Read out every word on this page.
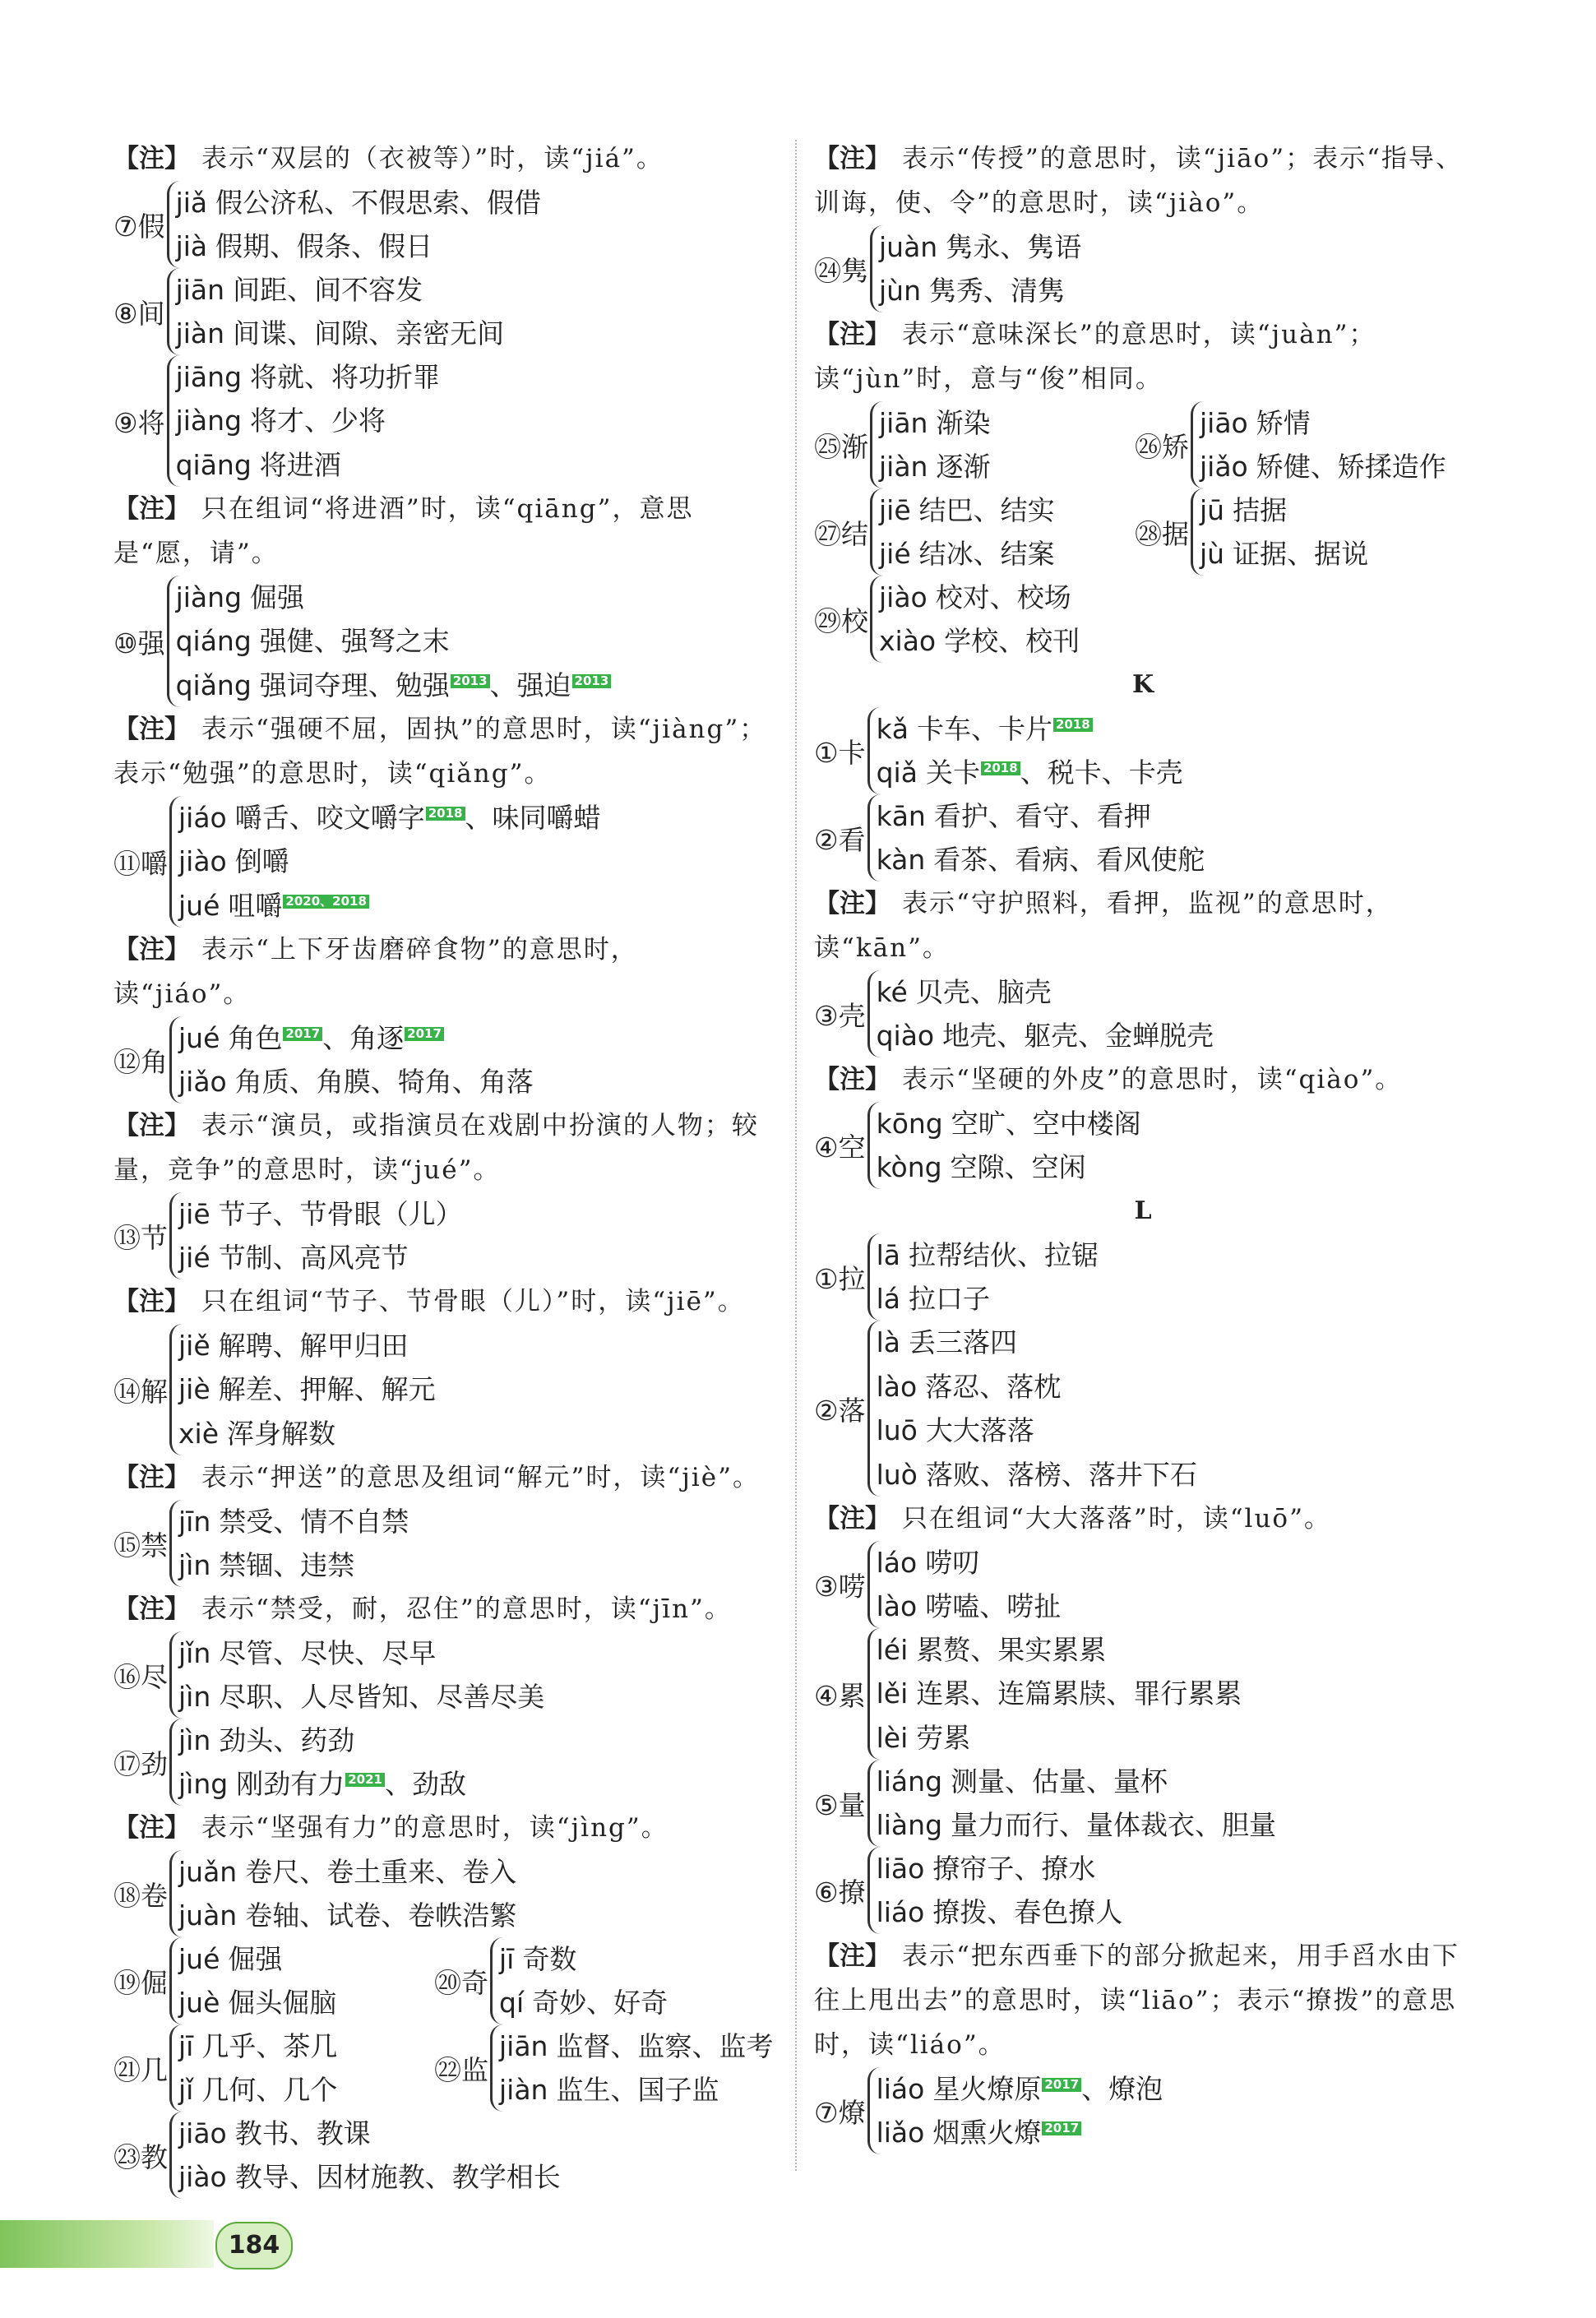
【注】 表示“双层的（衣被等）”时，读“jiá”。

⑦假
jiǎ 假公济私、不假思索、假借
jià 假期、假条、假日
⑧间
jiān 间距、间不容发
jiàn 间谍、间隙、亲密无间
⑨将
jiāng 将就、将功折罪
jiàng 将才、少将
qiāng 将进酒

【注】 只在组词“将进酒”时，读“qiāng”，意思是“愿，请”。

⑩强
jiàng 倔强
qiáng 强健、强弩之末
qiǎng 强词夺理、勉强 2013、强迫 2013

【注】 表示“强硬不屈，固执”的意思时，读“jiàng”；表示“勉强”的意思时，读“qiǎng”。

⑪嚼
jiáo 嚼舌、咬文嚼字 2018、味同嚼蜡
jiào 倒嚼
jué 咀嚼 2020、2018

【注】 表示“上下牙齿磨碎食物”的意思时，读“jiáo”。

⑫角
jué 角色 2017、角逐 2017
jiǎo 角质、角膜、犄角、角落

【注】 表示“演员，或指演员在戏剧中扮演的人物；较量，竞争”的意思时，读“jué”。

⑬节
jiē 节子、节骨眼（儿）
jié 节制、高风亮节

【注】 只在组词“节子、节骨眼（儿）”时，读“jiē”。

⑭解
jiě 解聘、解甲归田
jiè 解差、押解、解元
xiè 浑身解数

【注】 表示“押送”的意思及组词“解元”时，读“jiè”。

⑮禁
jīn 禁受、情不自禁
jìn 禁锢、违禁

【注】 表示“禁受，耐，忍住”的意思时，读“jīn”。

⑯尽
jǐn 尽管、尽快、尽早
jìn 尽职、人尽皆知、尽善尽美
⑰劲
jìn 劲头、药劲
jìng 刚劲有力 2021、劲敌

【注】 表示“坚强有力”的意思时，读“jìng”。

⑱卷
juǎn 卷尺、卷土重来、卷入
juàn 卷轴、试卷、卷帙浩繁
⑲倔
jué 倔强
juè 倔头倔脑
⑳奇
jī 奇数
qí 奇妙、好奇
㉑几
jī 几乎、茶几
jǐ 几何、几个
㉒监
jiān 监督、监察、监考
jiàn 监生、国子监
㉓教
jiāo 教书、教课
jiào 教导、因材施教、教学相长

【注】 表示“传授”的意思时，读“jiāo”；表示“指导、训诲，使、令”的意思时，读“jiào”。

㉔隽
juàn 隽永、隽语
jùn 隽秀、清隽

【注】 表示“意味深长”的意思时，读“juàn”；读“jùn”时，意与“俊”相同。

㉕渐
jiān 渐染
jiàn 逐渐
㉖矫
jiāo 矫情
jiǎo 矫健、矫揉造作
㉗结
jiē 结巴、结实
jié 结冰、结案
㉘据
jū 拮据
jù 证据、据说
㉙校
jiào 校对、校场
xiào 学校、校刊
K
①卡
kǎ 卡车、卡片 2018
qiǎ 关卡 2018、税卡、卡壳
②看
kān 看护、看守、看押
kàn 看茶、看病、看风使舵

【注】 表示“守护照料，看押，监视”的意思时，读“kān”。

③壳
ké 贝壳、脑壳
qiào 地壳、躯壳、金蝉脱壳

【注】 表示“坚硬的外皮”的意思时，读“qiào”。

④空
kōng 空旷、空中楼阁
kòng 空隙、空闲
L
①拉
lā 拉帮结伙、拉锯
lá 拉口子
②落
là 丢三落四
lào 落忍、落枕
luō 大大落落
luò 落败、落榜、落井下石

【注】 只在组词“大大落落”时，读“luō”。

③唠
láo 唠叨
lào 唠嗑、唠扯
④累
léi 累赘、果实累累
lěi 连累、连篇累牍、罪行累累
lèi 劳累
⑤量
liáng 测量、估量、量杯
liàng 量力而行、量体裁衣、胆量
⑥撩
liāo 撩帘子、撩水
liáo 撩拨、春色撩人

【注】 表示“把东西垂下的部分掀起来，用手舀水由下往上甩出去”的意思时，读“liāo”；表示“撩拨”的意思时，读“liáo”。

⑦燎
liáo 星火燎原 2017、燎泡
liǎo 烟熏火燎 2017
184
